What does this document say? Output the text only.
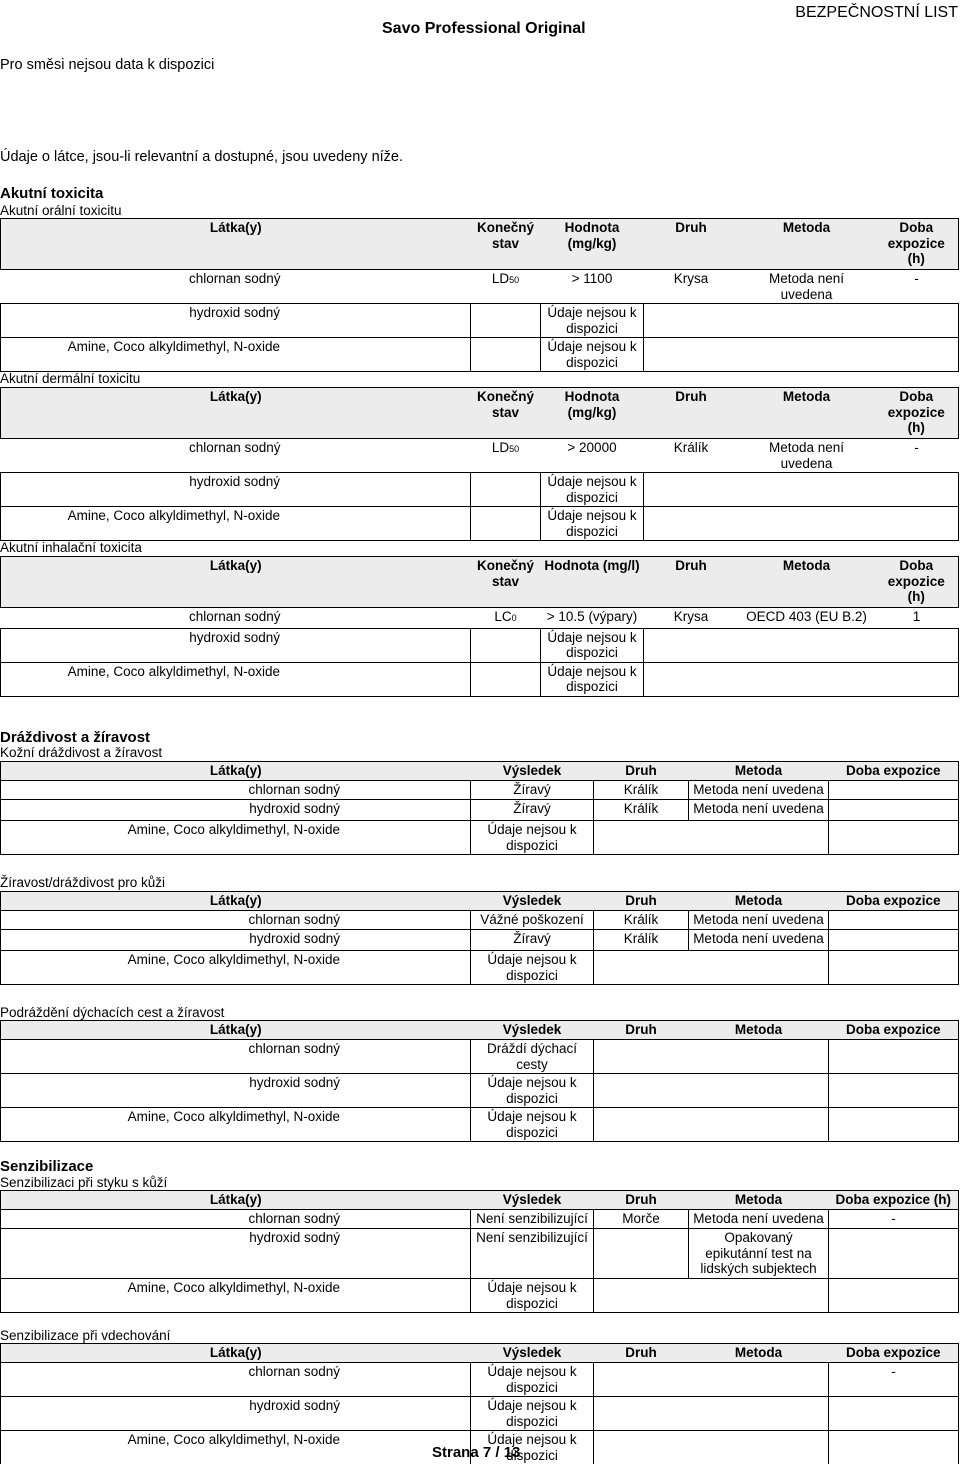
Savo Professional Original
BEZPEČNOSTNÍ LIST
Pro směsi nejsou data k dispozici
Údaje o látce, jsou-li relevantní a dostupné, jsou uvedeny níže.
Akutní toxicita
Akutní orální toxicitu
Látka(y)	Konečný stav	Hodnota (mg/kg)	Druh	Metoda	Doba expozice (h)
chlornan sodný	LD50	> 1100	Krysa	Metoda není uvedena	-
hydroxid sodný		Údaje nejsou k dispozici			
Amine, Coco alkyldimethyl, N-oxide		Údaje nejsou k dispozici			
Akutní dermální toxicitu
Látka(y)	Konečný stav	Hodnota (mg/kg)	Druh	Metoda	Doba expozice (h)
chlornan sodný	LD50	> 20000	Králík	Metoda není uvedena	-
hydroxid sodný		Údaje nejsou k dispozici			
Amine, Coco alkyldimethyl, N-oxide		Údaje nejsou k dispozici			
Akutní inhalační toxicita
Látka(y)	Konečný stav	Hodnota (mg/l)	Druh	Metoda	Doba expozice (h)
chlornan sodný	LC0	> 10.5 (výpary)	Krysa	OECD 403 (EU B.2)	1
hydroxid sodný		Údaje nejsou k dispozici			
Amine, Coco alkyldimethyl, N-oxide		Údaje nejsou k dispozici			
Dráždivost a žíravost
Kožní dráždivost a žíravost
Látka(y)	Výsledek	Druh	Metoda	Doba expozice
chlornan sodný	Žíravý	Králík	Metoda není uvedena	
hydroxid sodný	Žíravý	Králík	Metoda není uvedena	
Amine, Coco alkyldimethyl, N-oxide	Údaje nejsou k dispozici			
Žíravost/dráždivost pro kůži
Látka(y)	Výsledek	Druh	Metoda	Doba expozice
chlornan sodný	Vážné poškození	Králík	Metoda není uvedena	
hydroxid sodný	Žíravý	Králík	Metoda není uvedena	
Amine, Coco alkyldimethyl, N-oxide	Údaje nejsou k dispozici			
Podráždění dýchacích cest a žíravost
Látka(y)	Výsledek	Druh	Metoda	Doba expozice
chlornan sodný	Dráždí dýchací cesty			
hydroxid sodný	Údaje nejsou k dispozici			
Amine, Coco alkyldimethyl, N-oxide	Údaje nejsou k dispozici			
Senzibilizace
Senzibilizaci při styku s kůží
Látka(y)	Výsledek	Druh	Metoda	Doba expozice (h)
chlornan sodný	Není senzibilizující	Morče	Metoda není uvedena	-
hydroxid sodný	Není senzibilizující		Opakovaný epikutánní test na lidských subjektech	
Amine, Coco alkyldimethyl, N-oxide	Údaje nejsou k dispozici			
Senzibilizace při vdechování
Látka(y)	Výsledek	Druh	Metoda	Doba expozice
chlornan sodný	Údaje nejsou k dispozici			-
hydroxid sodný	Údaje nejsou k dispozici			
Amine, Coco alkyldimethyl, N-oxide	Údaje nejsou k dispozici			
Strana 7 / 13
